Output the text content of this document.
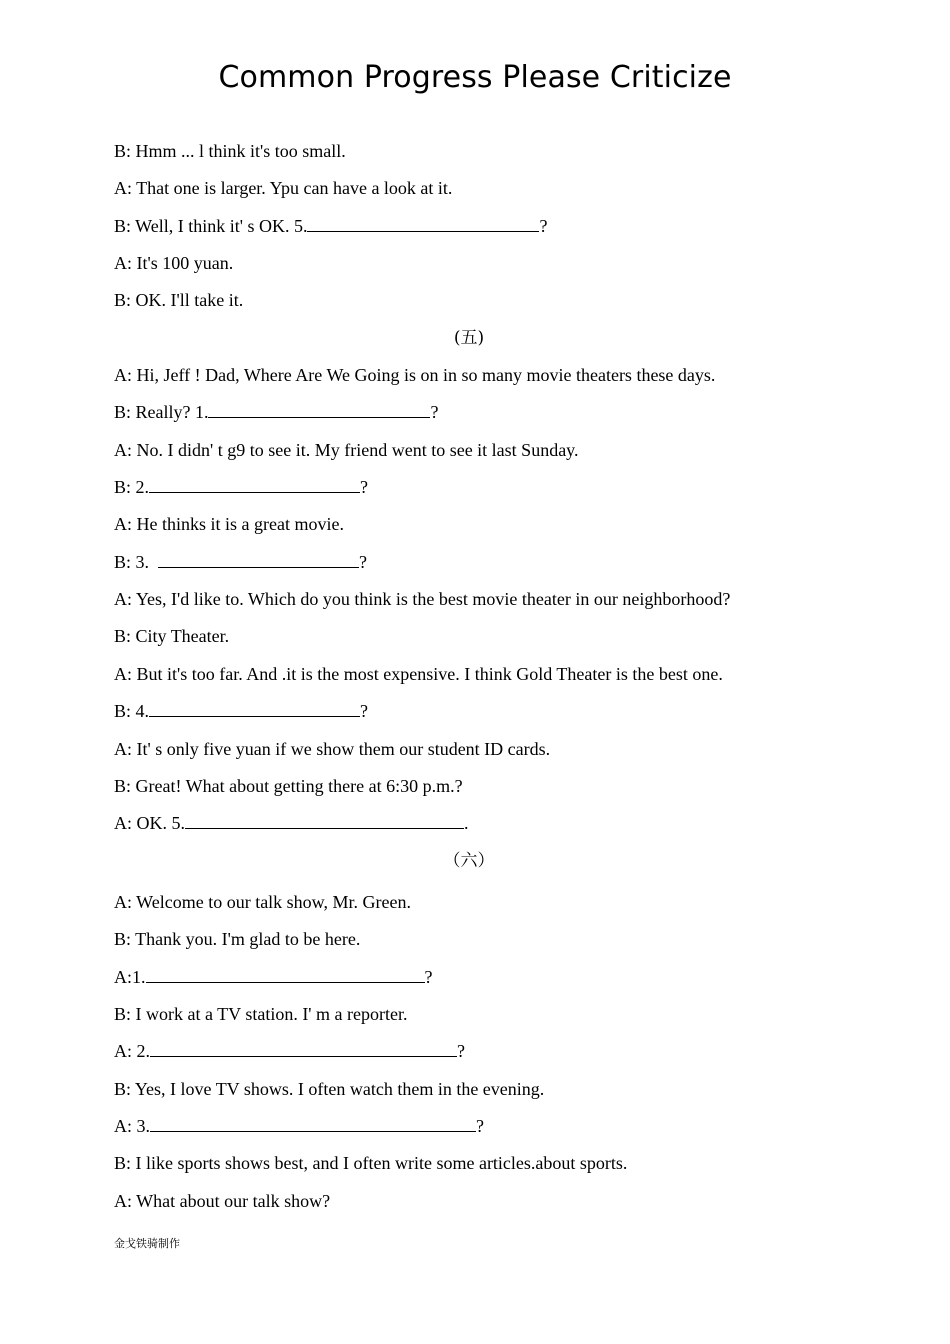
Common Progress Please Criticize
B: Hmm ... l think it's too small.
A: That one is larger. Ypu can have a look at it.
B: Well, I think it' s OK. 5.	?
A: It's 100 yuan.
B: OK. I'll take it.
(五)
A: Hi, Jeff ! Dad, Where Are We Going is on in so many movie theaters these days.
B: Really? 1.	?
A: No. I didn' t g9 to see it. My friend went to see it last Sunday.
B: 2.	?
A: He thinks it is a great movie.
B: 3.	?
A: Yes, I'd like to. Which do you think is the best movie theater in our neighborhood?
B: City Theater.
A: But it's too far. And .it is the most expensive. I think Gold Theater is the best one.
B: 4.	?
A: It' s only five yuan if we show them our student ID cards.
B: Great! What about getting there at 6:30 p.m.?
A: OK. 5.	.
（六）
A: Welcome to our talk show, Mr. Green.
B: Thank you. I'm glad to be here.
A:1.	?
B: I work at a TV station. I' m a reporter.
A: 2.	?
B: Yes, I love TV shows. I often watch them in the evening.
A: 3.	?
B: I like sports shows best, and I often write some articles.about sports.
A: What about our talk show?
金戈铁骑制作
